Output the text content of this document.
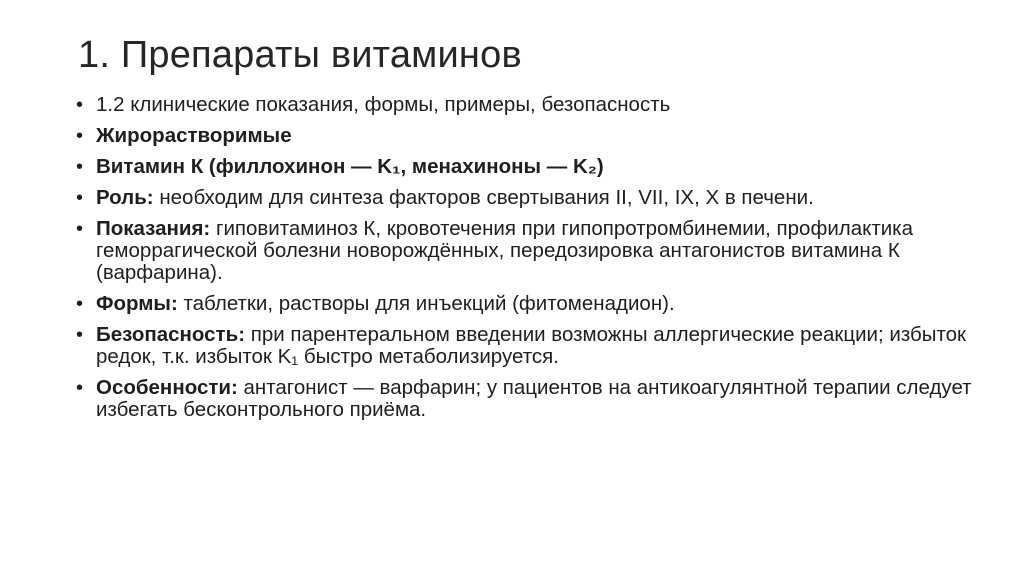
1. Препараты витаминов
• 1.2 клинические показания, формы, примеры, безопасность
• Жирорастворимые
• Витамин К (филлохинон — K₁, менахиноны — K₂)
• Роль: необходим для синтеза факторов свертывания II, VII, IX, X в печени.
• Показания: гиповитаминоз К, кровотечения при гипопротромбинемии, профилактика геморрагической болезни новорождённых, передозировка антагонистов витамина К (варфарина).
• Формы: таблетки, растворы для инъекций (фитоменадион).
• Безопасность: при парентеральном введении возможны аллергические реакции; избыток редок, т.к. избыток K₁ быстро метаболизируется.
• Особенности: антагонист — варфарин; у пациентов на антикоагулянтной терапии следует избегать бесконтрольного приёма.
